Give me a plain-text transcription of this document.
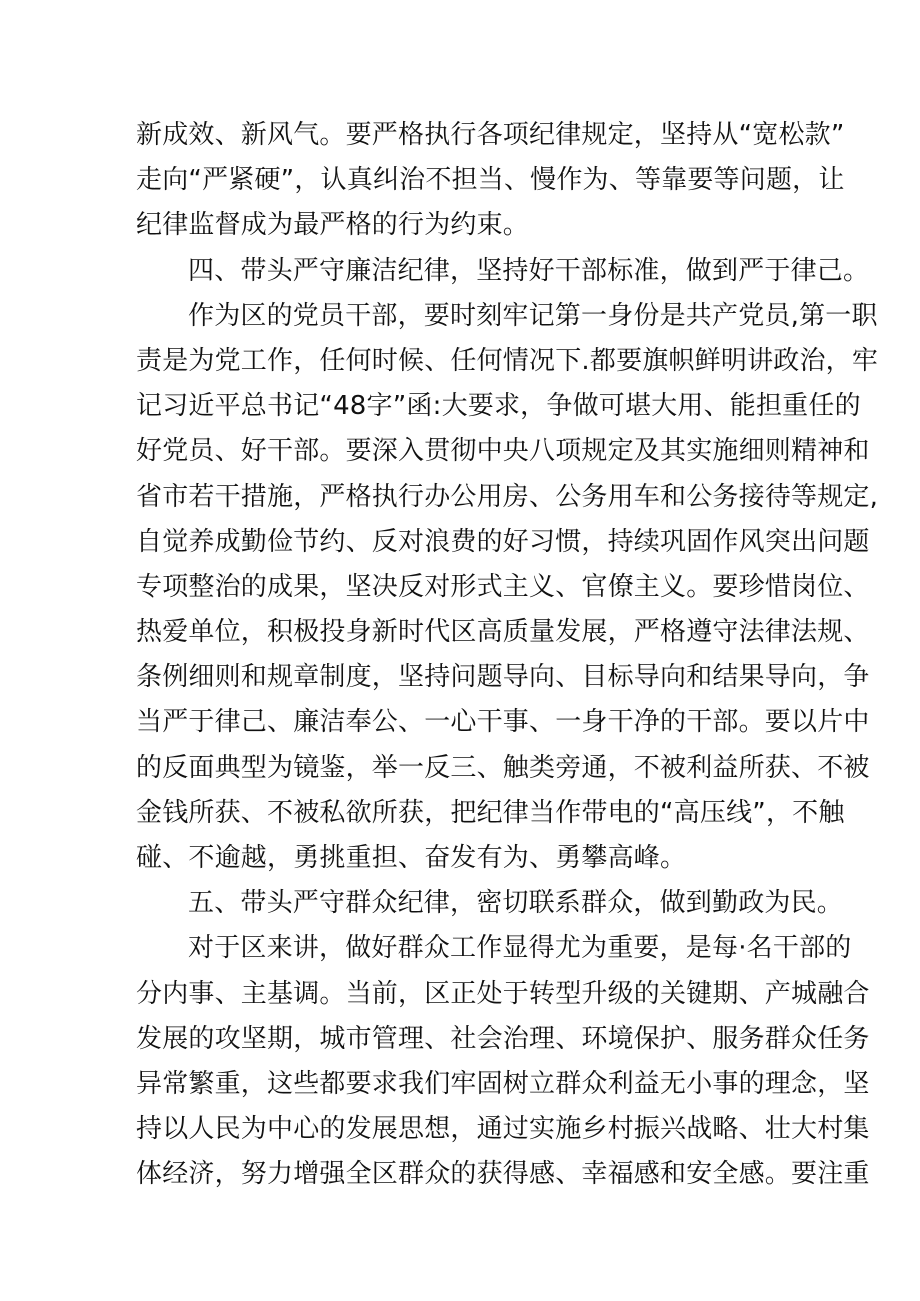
新成效、新风气。要严格执行各项纪律规定，坚持从“宽松款”
走向“严紧硬”，认真纠治不担当、慢作为、等靠要等问题，让
纪律监督成为最严格的行为约束。
四、带头严守廉洁纪律，坚持好干部标准，做到严于律己。
作为区的党员干部，要时刻牢记第一身份是共产党员,第一职
责是为党工作，任何时候、任何情况下.都要旗帜鲜明讲政治，牢
记习近平总书记“48字”函:大要求，争做可堪大用、能担重任的
好党员、好干部。要深入贯彻中央八项规定及其实施细则精神和
省市若干措施，严格执行办公用房、公务用车和公务接待等规定,
自觉养成勤俭节约、反对浪费的好习惯，持续巩固作风突出问题
专项整治的成果，坚决反对形式主义、官僚主义。要珍惜岗位、
热爱单位，积极投身新时代区高质量发展，严格遵守法律法规、
条例细则和规章制度，坚持问题导向、目标导向和结果导向，争
当严于律己、廉洁奉公、一心干事、一身干净的干部。要以片中
的反面典型为镜鉴，举一反三、触类旁通，不被利益所获、不被
金钱所获、不被私欲所获，把纪律当作带电的“高压线”，不触
碰、不逾越，勇挑重担、奋发有为、勇攀高峰。
五、带头严守群众纪律，密切联系群众，做到勤政为民。
对于区来讲，做好群众工作显得尤为重要，是每·名干部的
分内事、主基调。当前，区正处于转型升级的关键期、产城融合
发展的攻坚期，城市管理、社会治理、环境保护、服务群众任务
异常繁重，这些都要求我们牢固树立群众利益无小事的理念，坚
持以人民为中心的发展思想，通过实施乡村振兴战略、壮大村集
体经济，努力增强全区群众的获得感、幸福感和安全感。要注重
